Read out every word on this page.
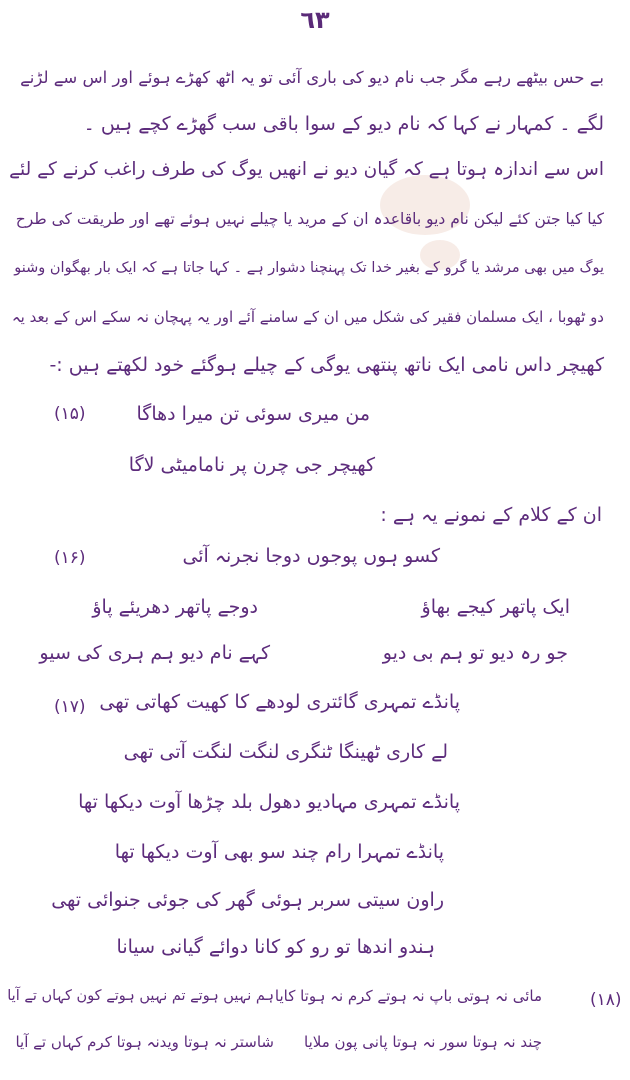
٦٣
بے حس بیٹھے رہے مگر جب نام دیو کی باری آئی تو یہ اٹھ کھڑے ہوئے اور اس سے لڑنے
لگے ۔ کمہار نے کہا کہ نام دیو کے سوا باقی سب گھڑے کچے ہیں ۔
اس سے اندازہ ہوتا ہے کہ گیان دیو نے انھیں یوگ کی طرف راغب کرنے کے لئے
کیا کیا جتن کئے لیکن نام دیو باقاعدہ ان کے مرید یا چیلے نہیں ہوئے تھے اور طریقت کی طرح
یوگ میں بھی مرشد یا گرو کے بغیر خدا تک پہنچنا دشوار ہے ۔ کہا جاتا ہے کہ ایک بار بھگوان وشنو
دو ٹھوبا ، ایک مسلمان فقیر کی شکل میں ان کے سامنے آئے اور یہ پہچان نہ سکے اس کے بعد یہ
کھیچر داس نامی ایک ناتھ پنتھی یوگی کے چیلے ہوگئے خود لکھتے ہیں :-
(۱۵)	من میری سوئی تن میرا دھاگا
کھیچر جی چرن پر نامامیٹی لاگا
ان کے کلام کے نمونے یہ ہے :
(۱۶)	کسو ہوں پوجوں دوجا نجرنہ آئی
ایک پاتھر کیجے بھاؤ
دوجے پاتھر دھریئے پاؤ
جو رہ دیو تو ہم بی دیو
کہے نام دیو ہم ہری کی سیو
(۱۷) پانڈے تمہری گائتری لودھے کا کھیت کھاتی تھی
لے کاری ٹھینگا ٹنگری لنگت لنگت آتی تھی
پانڈے تمہری مہادیو دھول بلد چڑھا آوت دیکھا تھا
پانڈے تمہرا رام چند سو بھی آوت دیکھا تھا
راون سیتی سربر ہوئی گھر کی جوئی جنوائی تھی
ہندو اندھا تو رو کو کانا دوائے گیانی سیانا
(۱۸)
مائی نہ ہوتی باپ نہ ہوتے کرم نہ ہوتا کایا
ہم نہیں ہوتے تم نہیں ہوتے کون کہاں تے آیا
چند نہ ہوتا سور نہ ہوتا پانی پون ملایا
شاستر نہ ہوتا ویدنہ ہوتا کرم کہاں تے آیا
